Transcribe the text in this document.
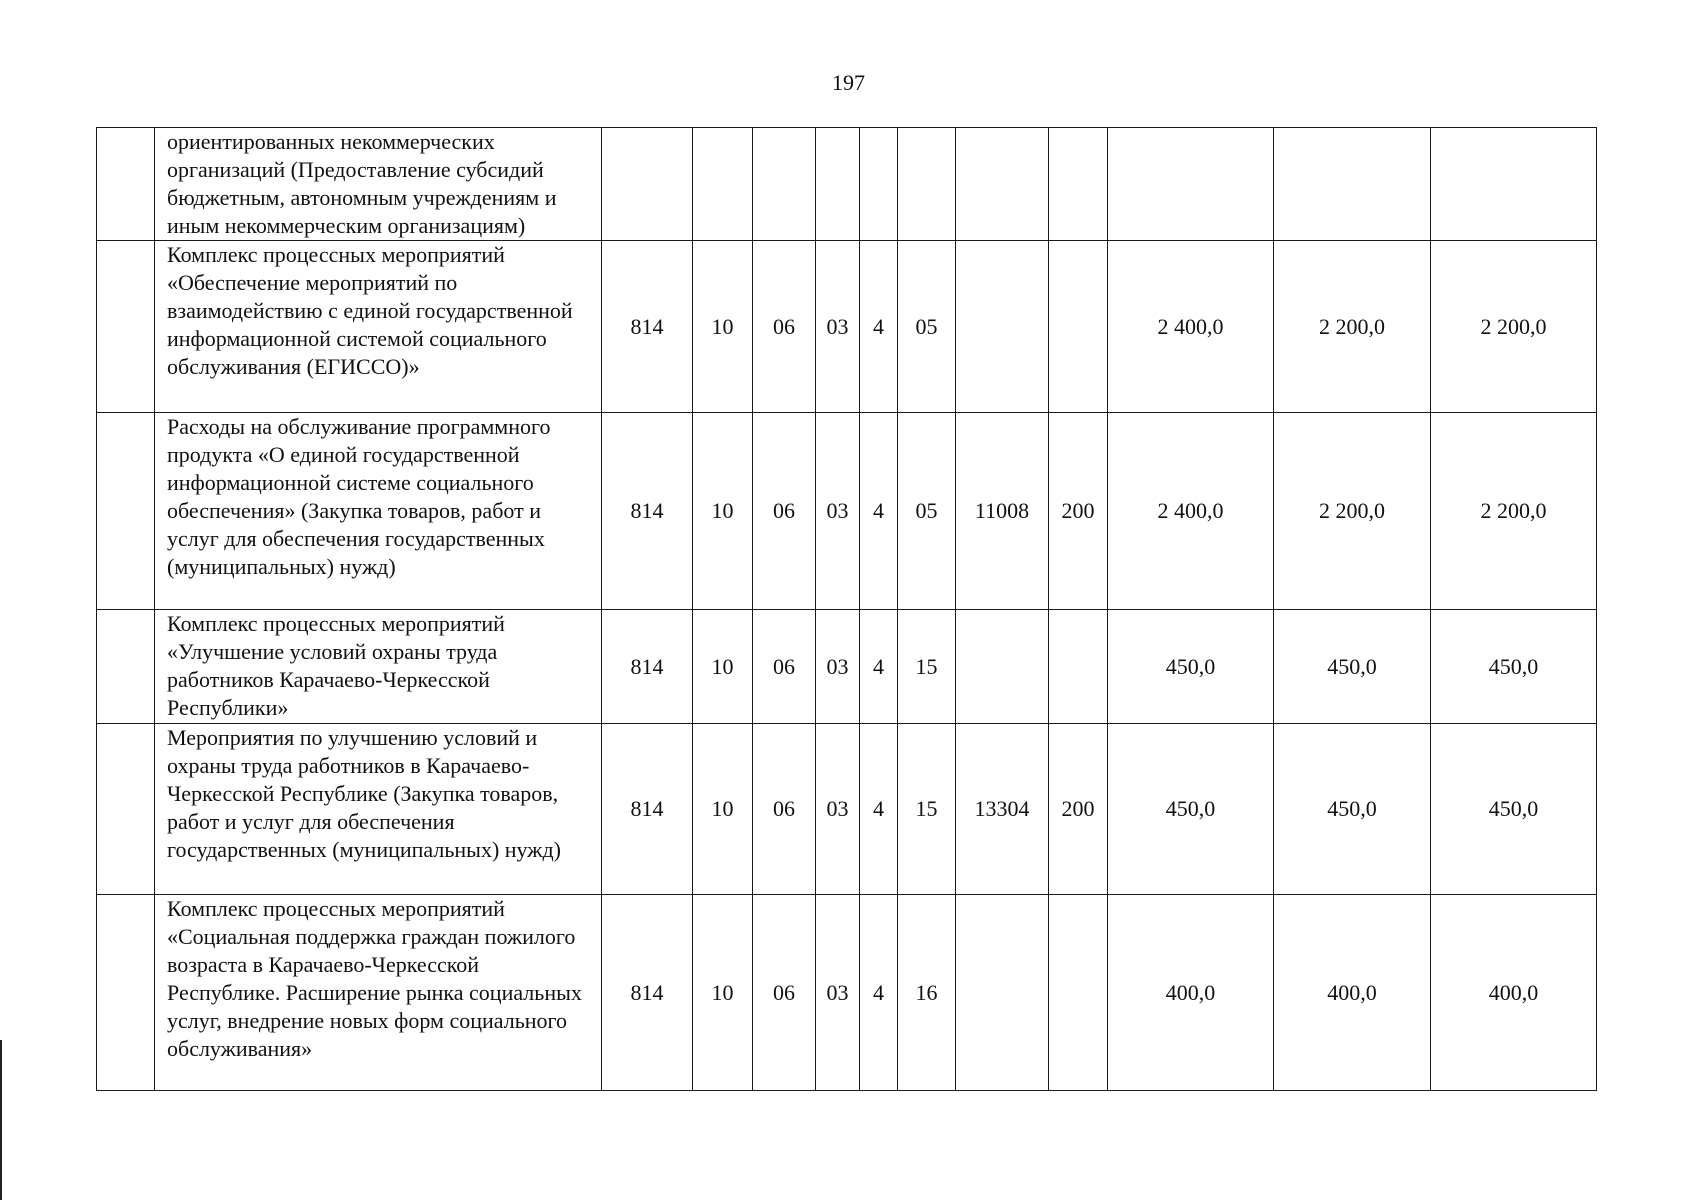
197
	ориентированных некоммерческих организаций (Предоставление субсидий бюджетным, автономным учреждениям и иным некоммерческим организациям)											
	Комплекс процессных мероприятий «Обеспечение мероприятий по взаимодействию с единой государственной информационной системой социального обслуживания (ЕГИССО)»	814	10	06	03	4	05			2 400,0	2 200,0	2 200,0
	Расходы на обслуживание программного продукта «О единой государственной информационной системе социального обеспечения» (Закупка товаров, работ и услуг для обеспечения государственных (муниципальных) нужд)	814	10	06	03	4	05	11008	200	2 400,0	2 200,0	2 200,0
	Комплекс процессных мероприятий «Улучшение условий охраны труда работников Карачаево-Черкесской Республики»	814	10	06	03	4	15			450,0	450,0	450,0
	Мероприятия по улучшению условий и охраны труда работников в Карачаево-Черкесской Республике (Закупка товаров, работ и услуг для обеспечения государственных (муниципальных) нужд)	814	10	06	03	4	15	13304	200	450,0	450,0	450,0
	Комплекс процессных мероприятий «Социальная поддержка граждан пожилого возраста в Карачаево-Черкесской Республике. Расширение рынка социальных услуг, внедрение новых форм социального обслуживания»	814	10	06	03	4	16			400,0	400,0	400,0
